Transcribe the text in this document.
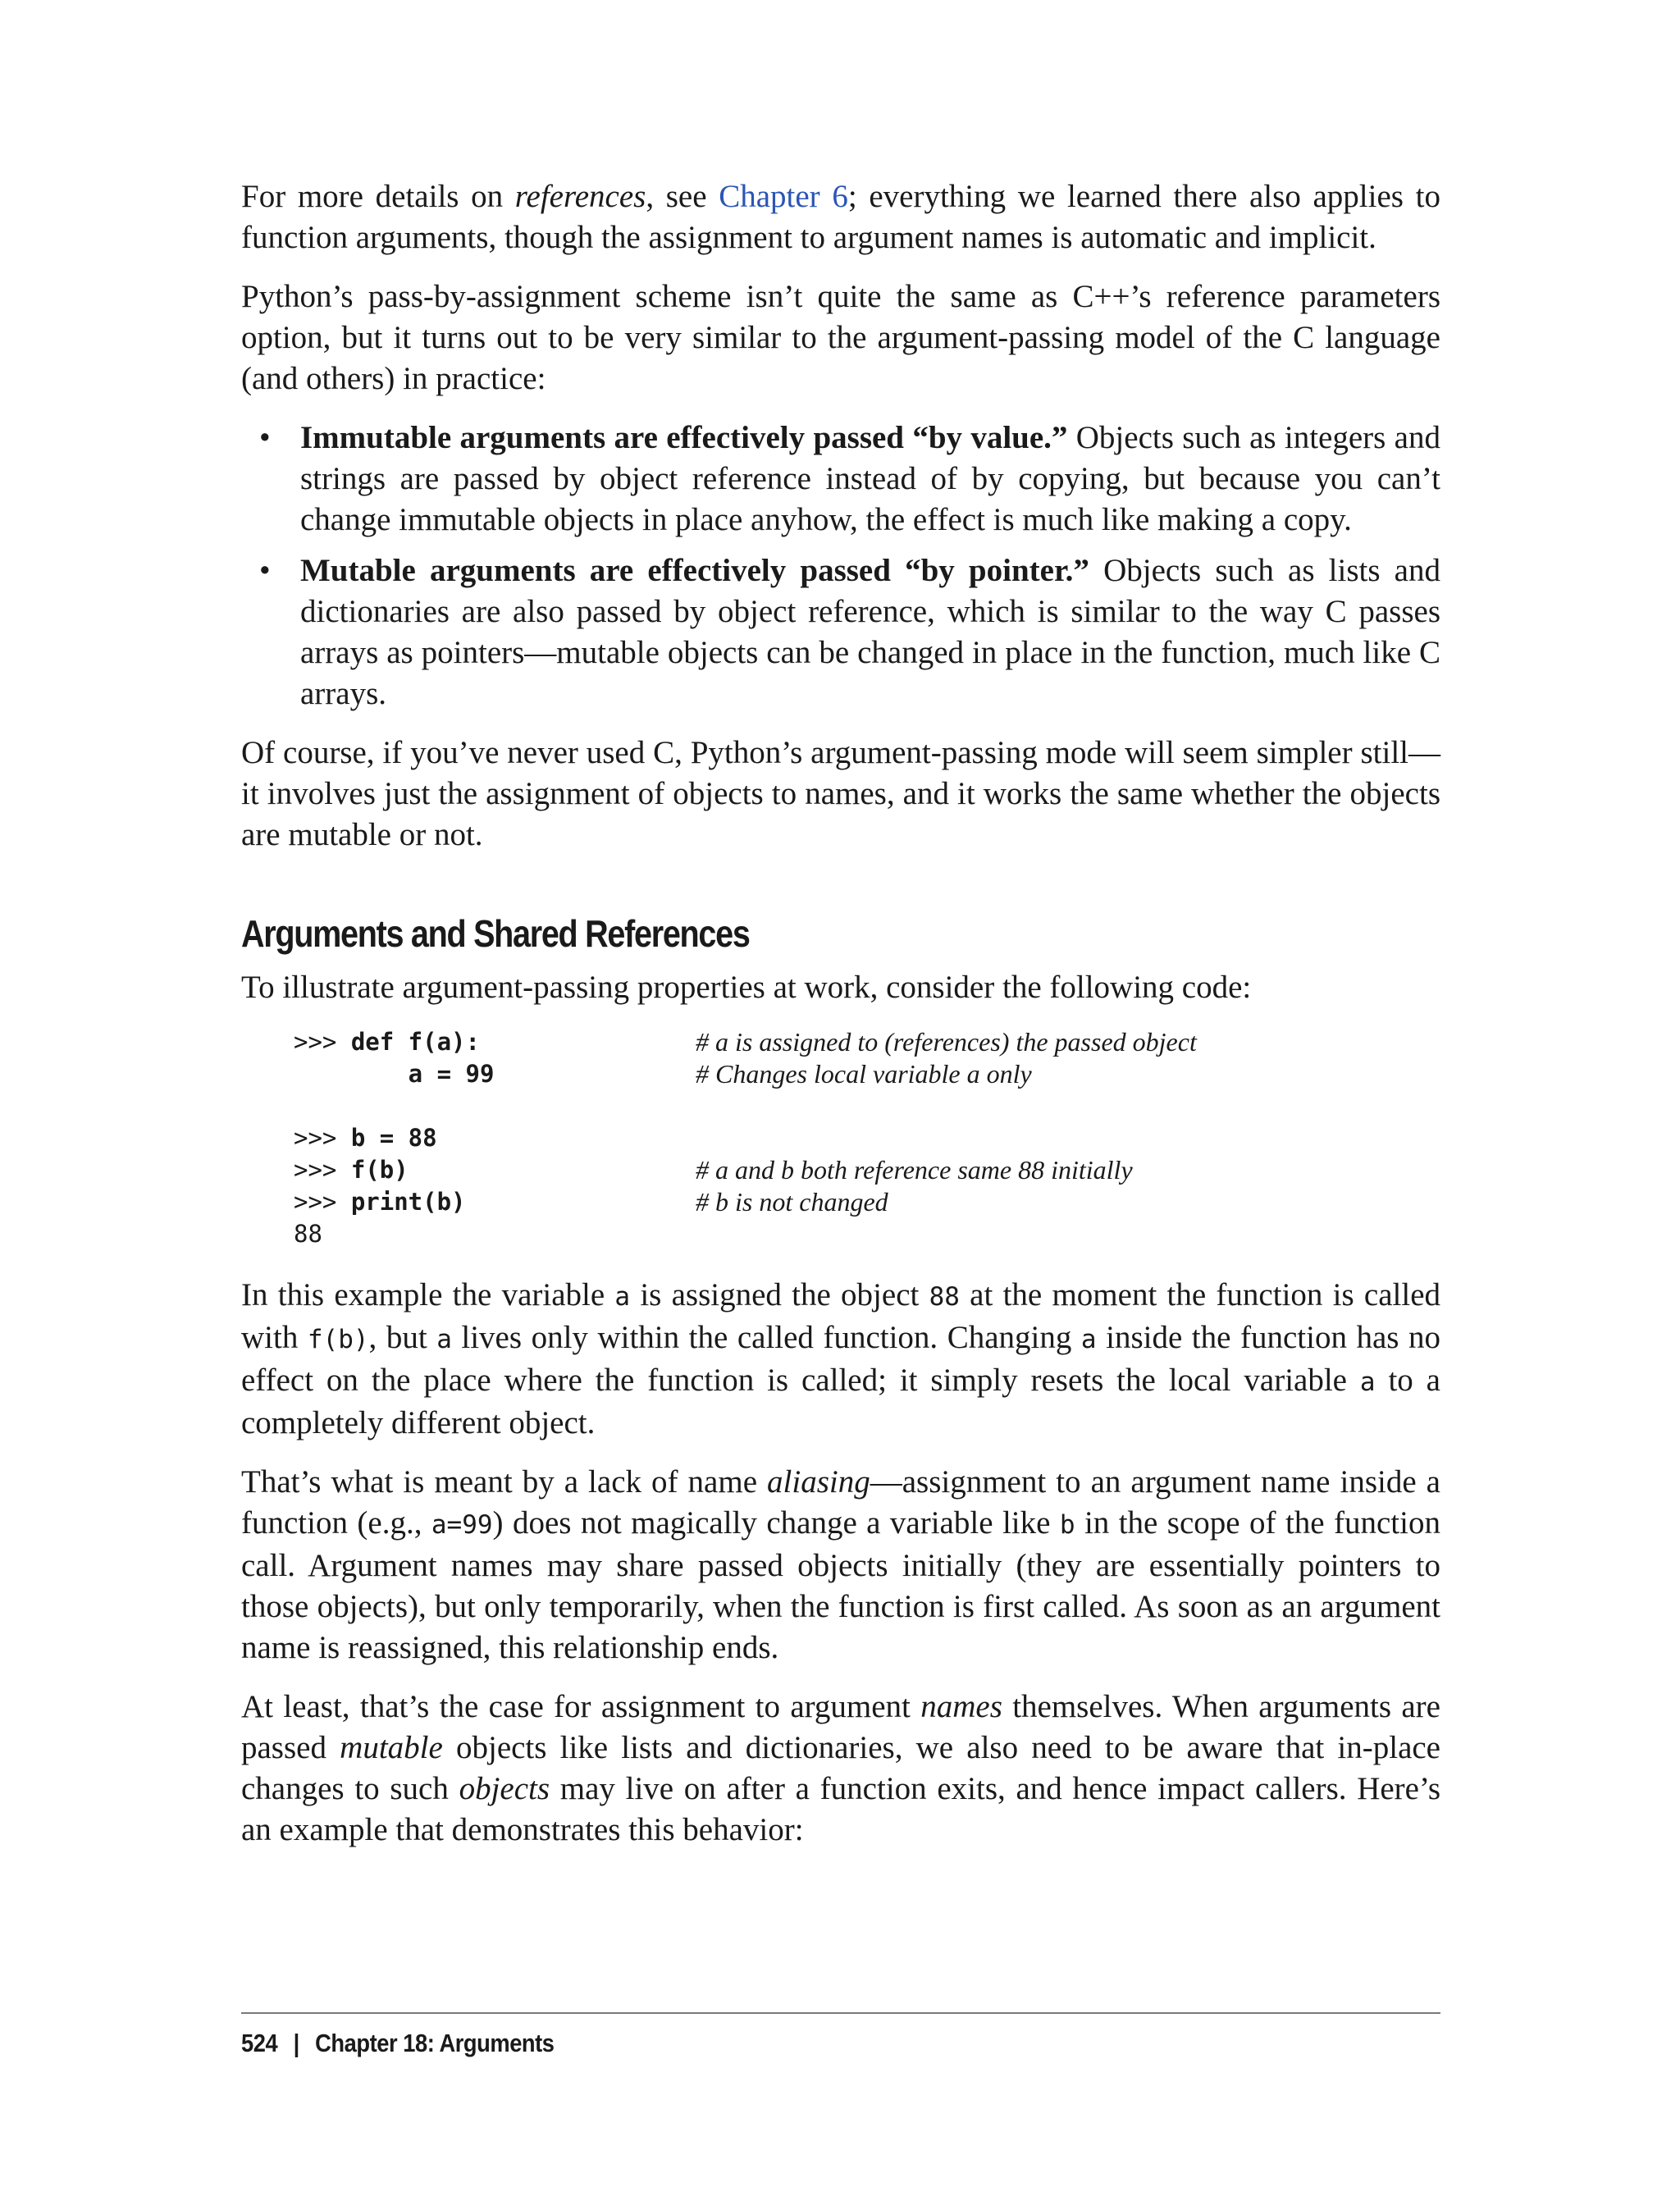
For more details on references, see Chapter 6; everything we learned there also applies to function arguments, though the assignment to argument names is automatic and implicit.

Python’s pass-by-assignment scheme isn’t quite the same as C++’s reference parameters option, but it turns out to be very similar to the argument-passing model of the C language (and others) in practice:

• Immutable arguments are effectively passed “by value.” Objects such as integers and strings are passed by object reference instead of by copying, but because you can’t change immutable objects in place anyhow, the effect is much like making a copy.
• Mutable arguments are effectively passed “by pointer.” Objects such as lists and dictionaries are also passed by object reference, which is similar to the way C passes arrays as pointers—mutable objects can be changed in place in the function, much like C arrays.

Of course, if you’ve never used C, Python’s argument-passing mode will seem simpler still—it involves just the assignment of objects to names, and it works the same whether the objects are mutable or not.

Arguments and Shared References

To illustrate argument-passing properties at work, consider the following code:

>>> def f(a):

	# a is assigned to (references) the passed object

a = 99

	# Changes local variable a only

>>> b = 88

>>> f(b)

	# a and b both reference same 88 initially

>>> print(b)

	# b is not changed

88

In this example the variable a is assigned the object 88 at the moment the function is called with f(b), but a lives only within the called function. Changing a inside the function has no effect on the place where the function is called; it simply resets the local variable a to a completely different object.

That’s what is meant by a lack of name aliasing—assignment to an argument name inside a function (e.g., a=99) does not magically change a variable like b in the scope of the function call. Argument names may share passed objects initially (they are essentially pointers to those objects), but only temporarily, when the function is first called. As soon as an argument name is reassigned, this relationship ends.

At least, that’s the case for assignment to argument names themselves. When arguments are passed mutable objects like lists and dictionaries, we also need to be aware that in-place changes to such objects may live on after a function exits, and hence impact callers. Here’s an example that demonstrates this behavior:

524 | Chapter 18: Arguments
